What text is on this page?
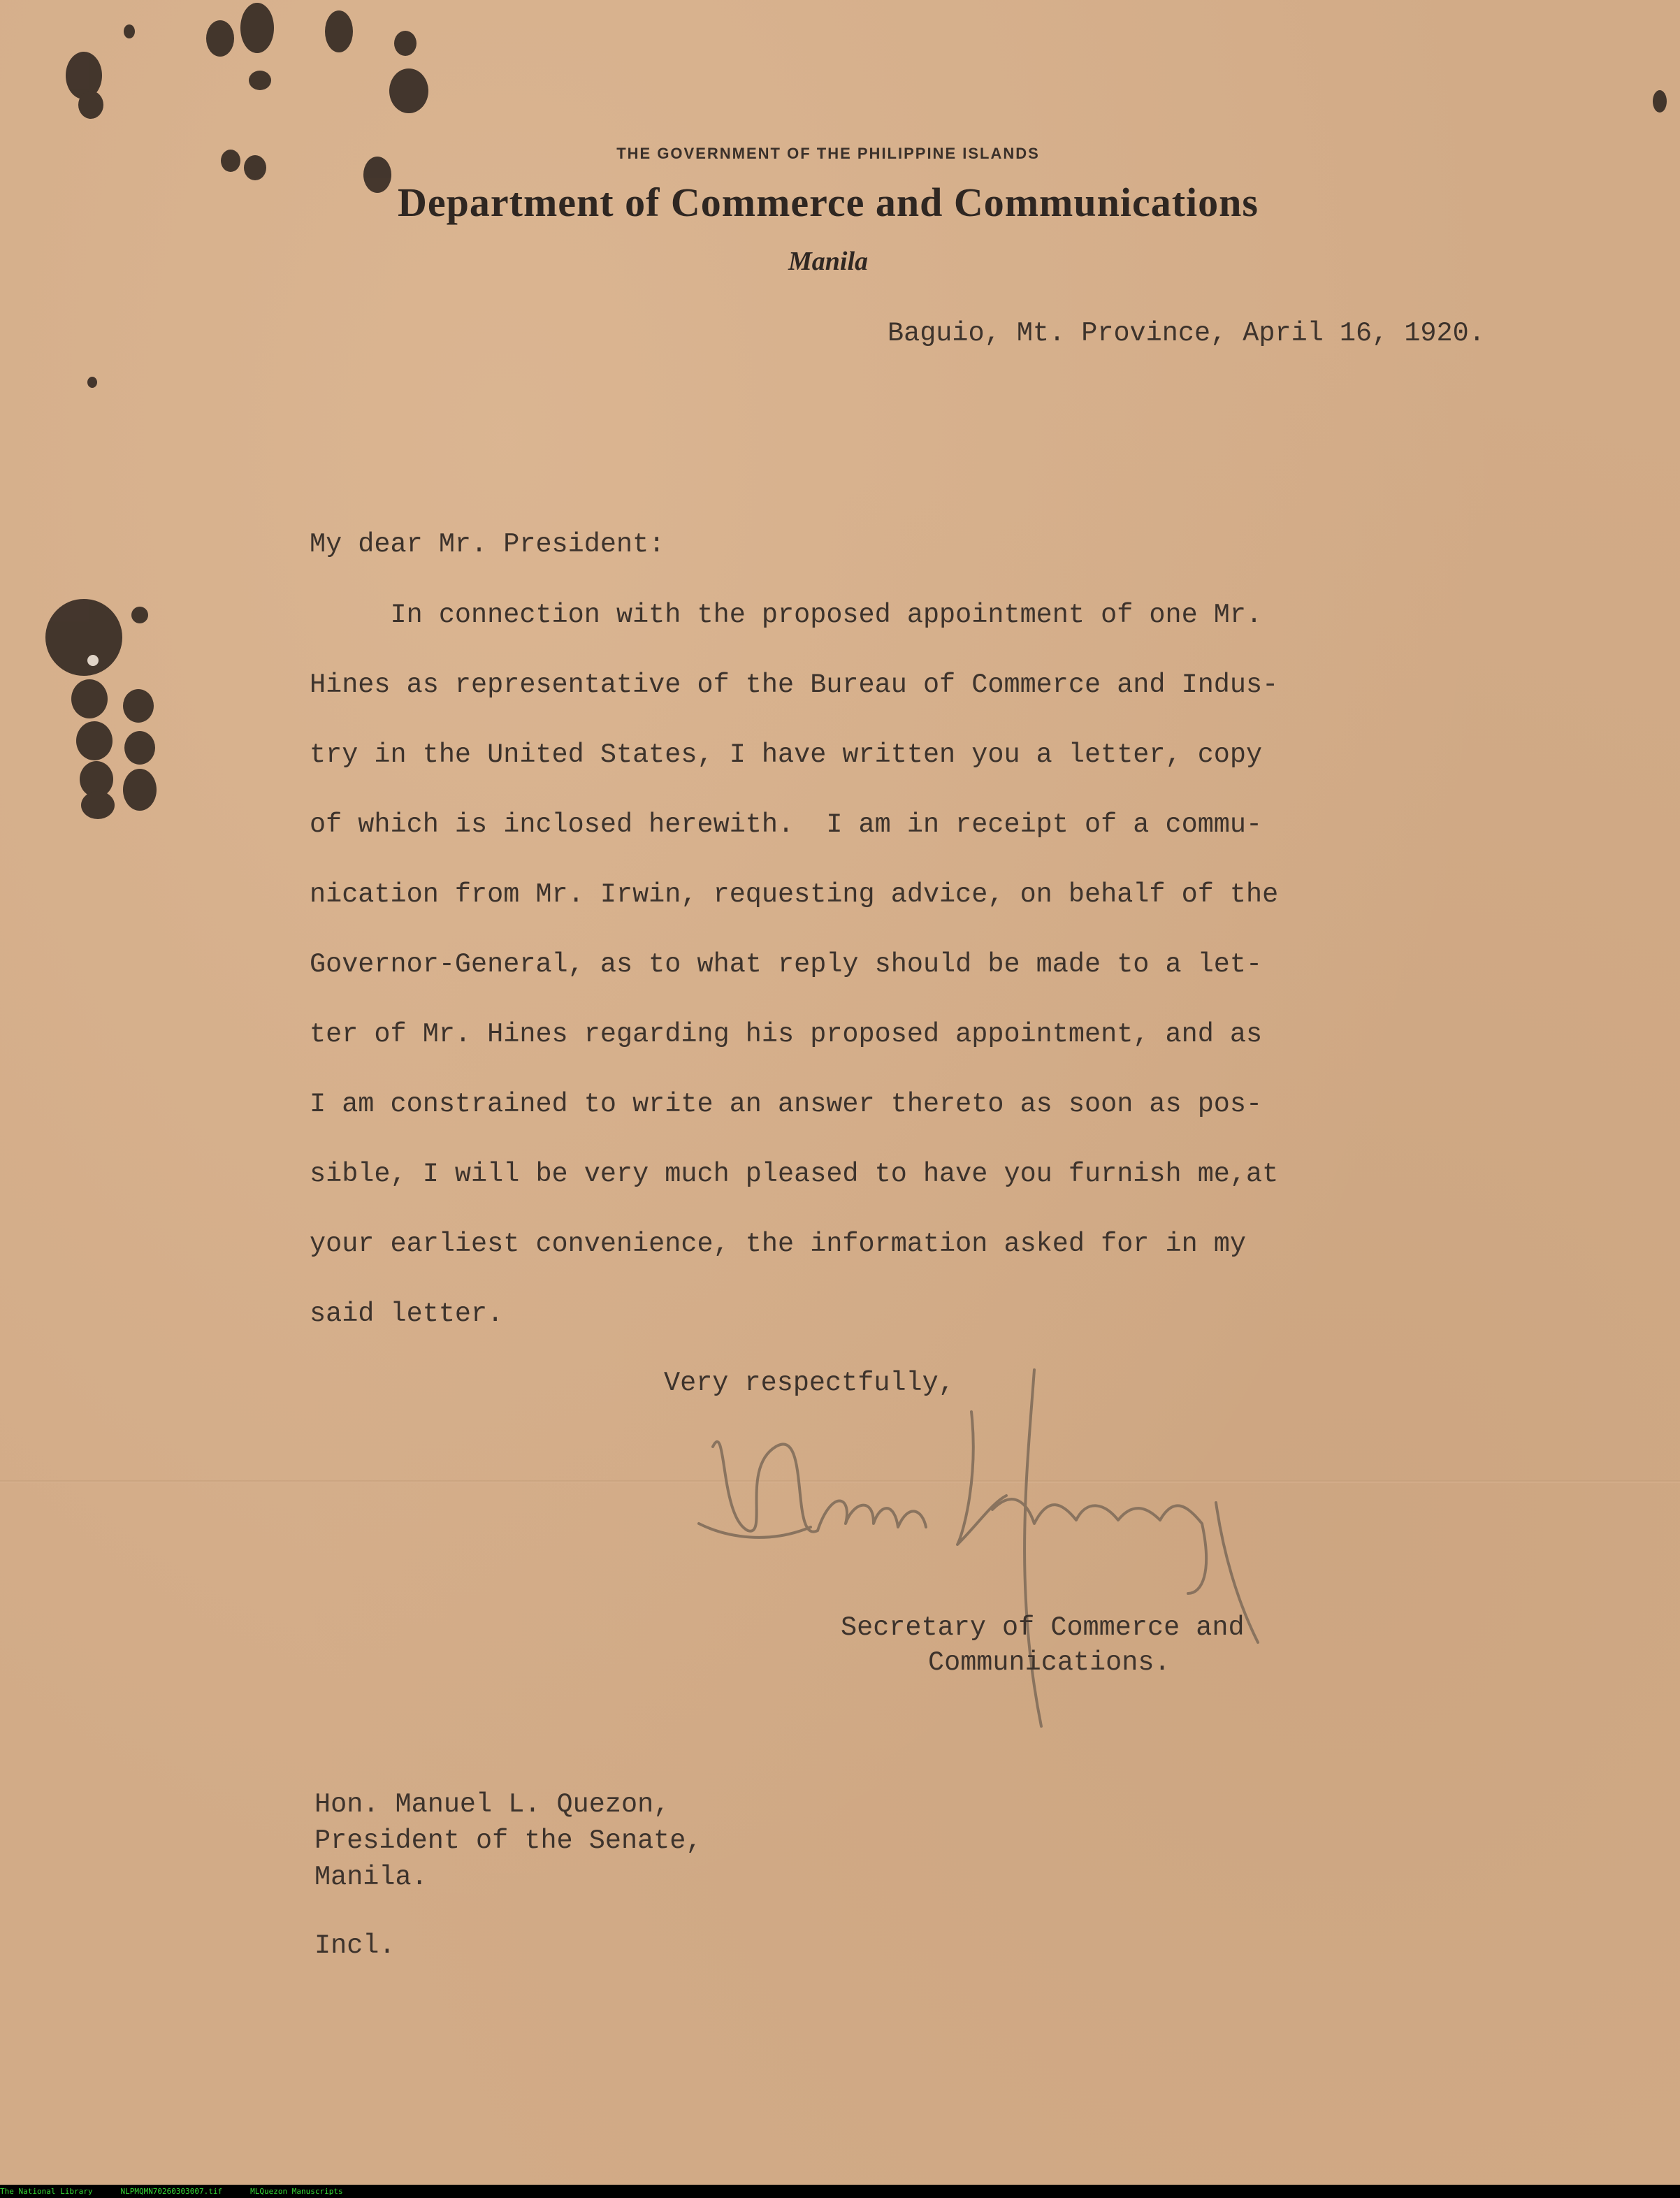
THE GOVERNMENT OF THE PHILIPPINE ISLANDS
Department of Commerce and Communications
Manila
Baguio, Mt. Province, April 16, 1920.
My dear Mr. President:
In connection with the proposed appointment of one Mr.
Hines as representative of the Bureau of Commerce and Indus-
try in the United States, I have written you a letter, copy
of which is inclosed herewith.  I am in receipt of a commu-
nication from Mr. Irwin, requesting advice, on behalf of the
Governor-General, as to what reply should be made to a let-
ter of Mr. Hines regarding his proposed appointment, and as
I am constrained to write an answer thereto as soon as pos-
sible, I will be very much pleased to have you furnish me,at
your earliest convenience, the information asked for in my
said letter.
Very respectfully,
Secretary of Commerce and
Communications.
Hon. Manuel L. Quezon,
President of the Senate,
Manila.
Incl.
The National Library	NLPMQMN70260303007.tif	MLQuezon Manuscripts
